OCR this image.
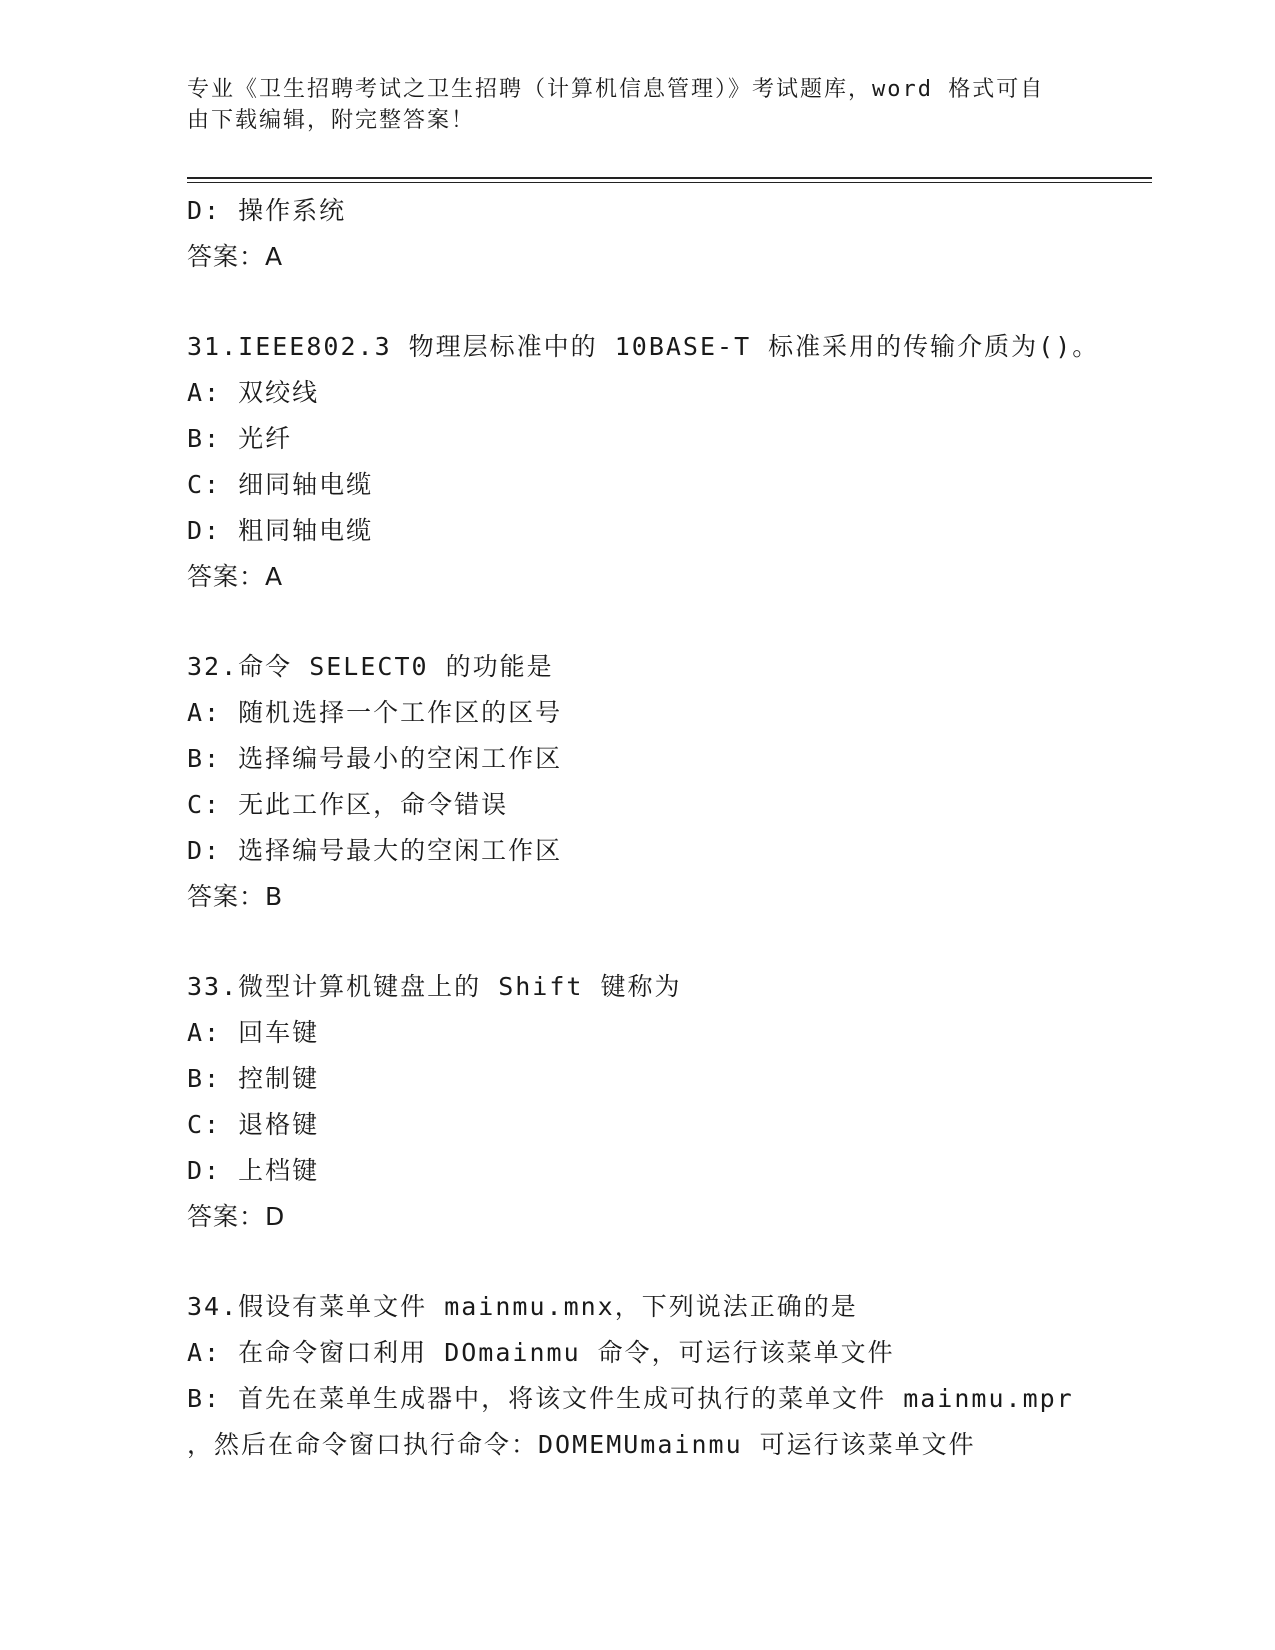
专业《卫生招聘考试之卫生招聘（计算机信息管理）》考试题库，word 格式可自
由下载编辑，附完整答案！
D: 操作系统
答案：A
31.IEEE802.3 物理层标准中的 10BASE-T 标准采用的传输介质为()。
A: 双绞线
B: 光纤
C: 细同轴电缆
D: 粗同轴电缆
答案：A
32.命令 SELECT0 的功能是
A: 随机选择一个工作区的区号
B: 选择编号最小的空闲工作区
C: 无此工作区，命令错误
D: 选择编号最大的空闲工作区
答案：B
33.微型计算机键盘上的 Shift 键称为
A: 回车键
B: 控制键
C: 退格键
D: 上档键
答案：D
34.假设有菜单文件 mainmu.mnx，下列说法正确的是
A: 在命令窗口利用 DOmainmu 命令，可运行该菜单文件
B: 首先在菜单生成器中，将该文件生成可执行的菜单文件 mainmu.mpr
，然后在命令窗口执行命令：DOMEMUmainmu 可运行该菜单文件
